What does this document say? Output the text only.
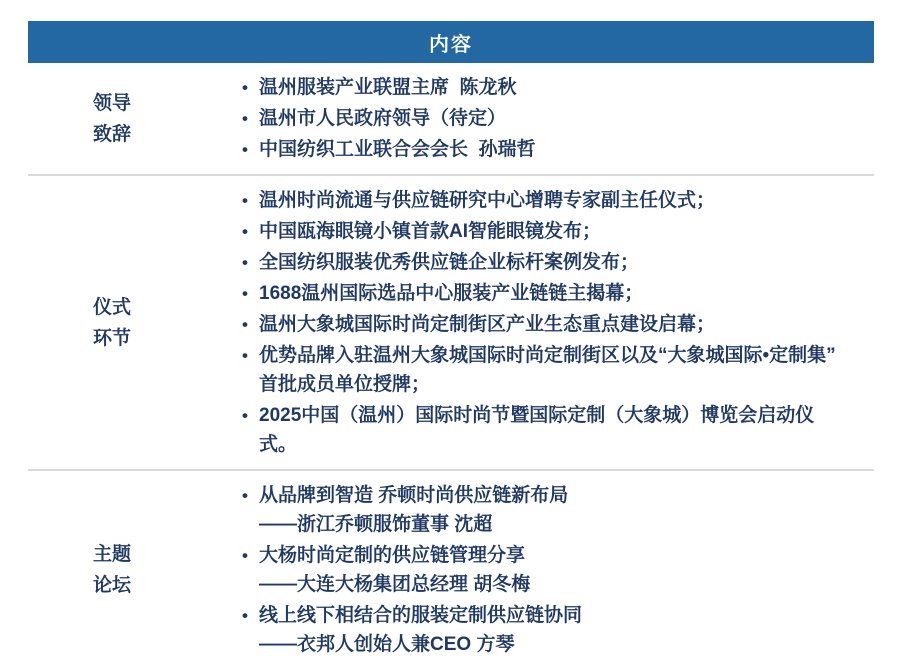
内容
领导
致辞
• 温州服装产业联盟主席  陈龙秋
• 温州市人民政府领导（待定）
• 中国纺织工业联合会会长  孙瑞哲
仪式
环节
• 温州时尚流通与供应链研究中心增聘专家副主任仪式；
• 中国瓯海眼镜小镇首款AI智能眼镜发布；
• 全国纺织服装优秀供应链企业标杆案例发布；
• 1688温州国际选品中心服装产业链链主揭幕；
• 温州大象城国际时尚定制街区产业生态重点建设启幕；
• 优势品牌入驻温州大象城国际时尚定制街区以及“大象城国际•定制集”
首批成员单位授牌；
• 2025中国（温州）国际时尚节暨国际定制（大象城）博览会启动仪
式。
主题
论坛
• 从品牌到智造 乔顿时尚供应链新布局
——浙江乔顿服饰董事 沈超
• 大杨时尚定制的供应链管理分享
——大连大杨集团总经理 胡冬梅
• 线上线下相结合的服装定制供应链协同
——衣邦人创始人兼CEO 方琴
